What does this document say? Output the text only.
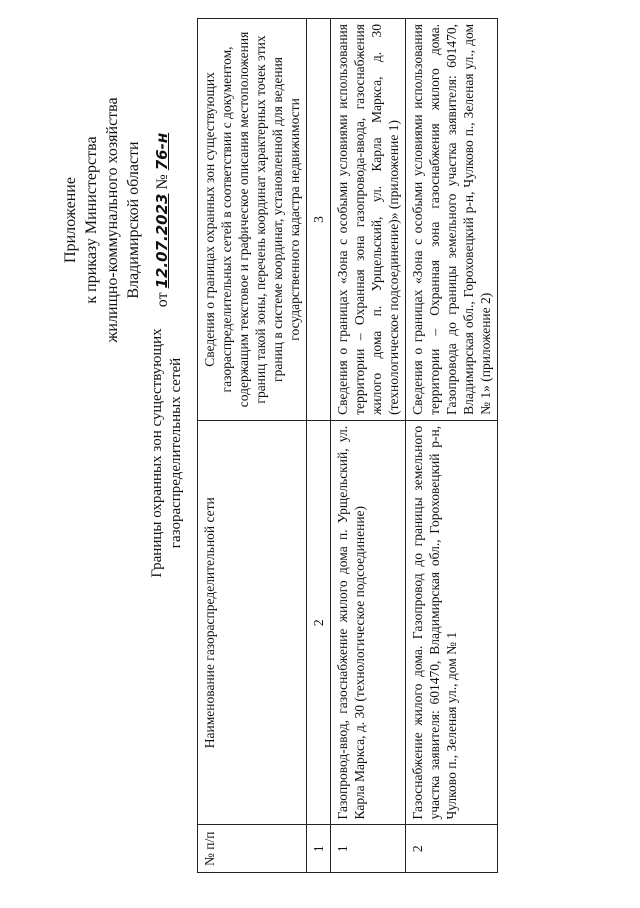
Приложение к приказу Министерства жилищно-коммунального хозяйства Владимирской области
от 12.07.2023 № 76-н
Границы охранных зон существующих газораспределительных сетей
№ п/п	Наименование газораспределительной сети	Сведения о границах охранных зон существующих газораспределительных сетей в соответствии с документом, содержащим текстовое и графическое описания местоположения границ такой зоны, перечень координат характерных точек этих границ в системе координат, установленной для ведения государственного кадастра недвижимости
1	2	3
1	Газопровод-ввод, газоснабжение жилого дома п. Урщельский, ул. Карла Маркса, д. 30 (технологическое подсоединение)	Сведения о границах «Зона с особыми условиями использования территории – Охранная зона газопровода-ввода, газоснабжения жилого дома п. Урщельский, ул. Карла Маркса, д. 30 (технологическое подсоединение)» (приложение 1)
2	Газоснабжение жилого дома. Газопровод до границы земельного участка заявителя: 601470, Владимирская обл., Гороховецкий р-н, Чулково п., Зеленая ул., дом № 1	Сведения о границах «Зона с особыми условиями использования территории – Охранная зона газоснабжения жилого дома. Газопровода до границы земельного участка заявителя: 601470, Владимирская обл., Гороховецкий р-н, Чулково п., Зеленая ул., дом № 1» (приложение 2)
